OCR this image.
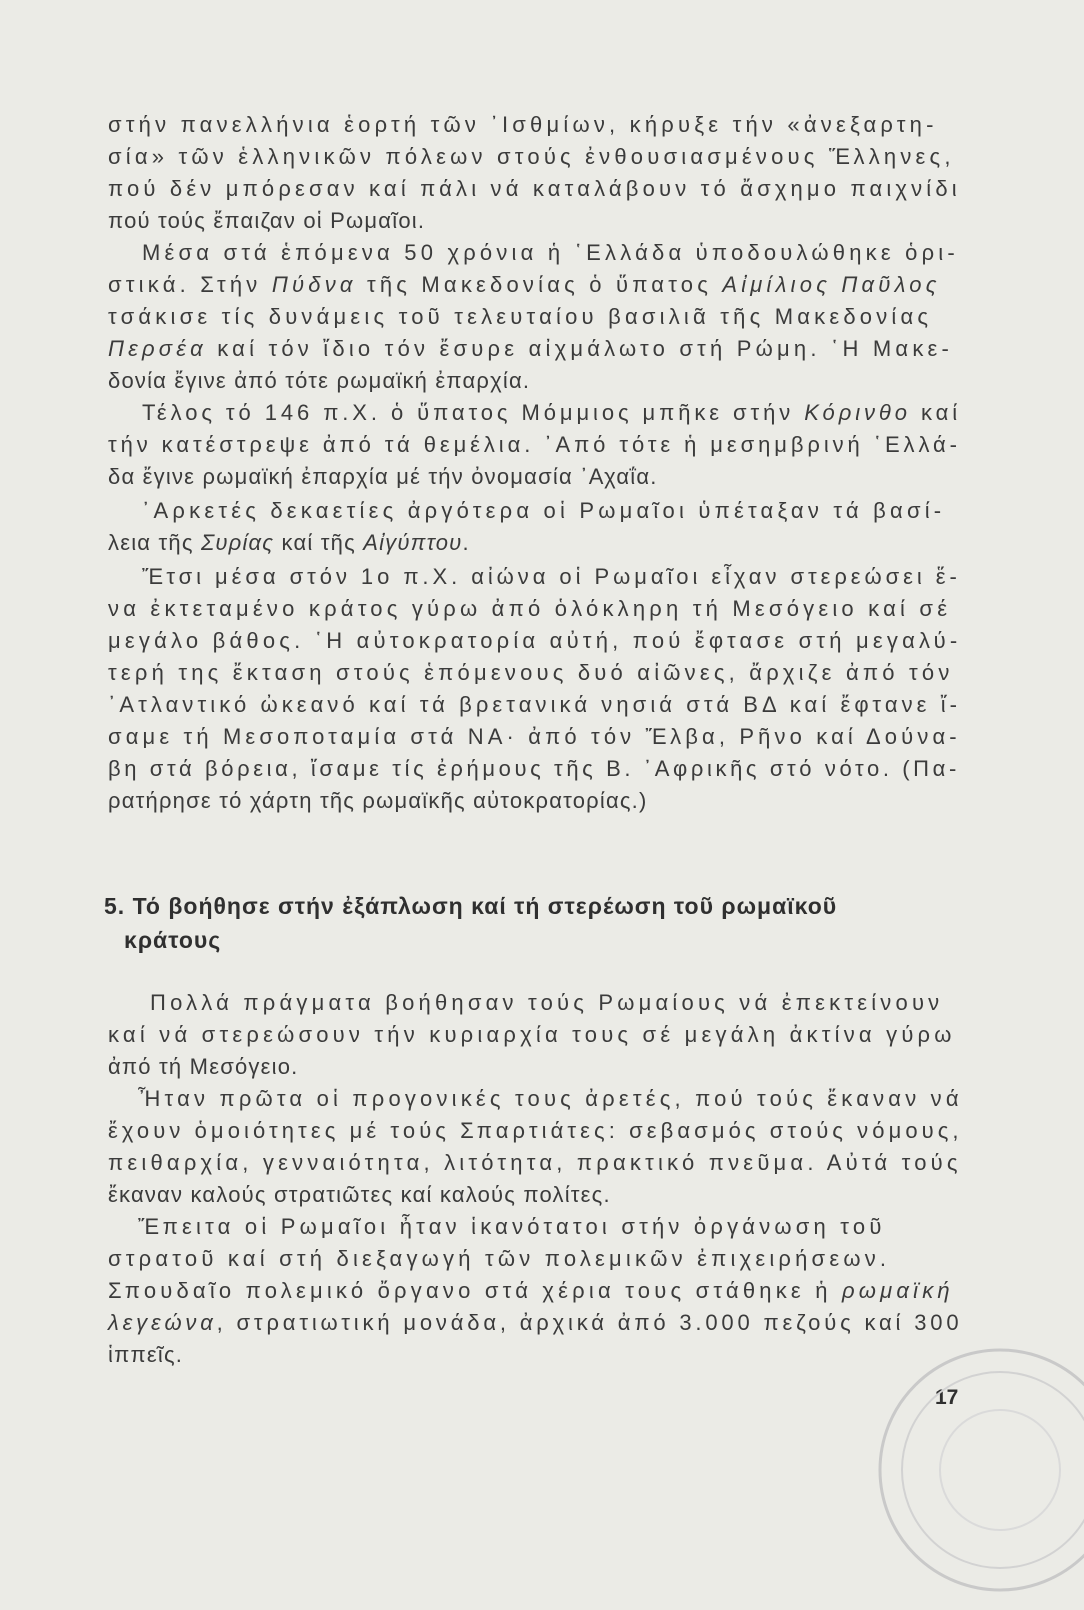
στήν πανελλήνια ἑορτή τῶν ᾿Ισθμίων, κήρυξε τήν «ἀνεξαρτη-
σία» τῶν ἑλληνικῶν πόλεων στούς ἐνθουσιασμένους Ἕλληνες,
πού δέν μπόρεσαν καί πάλι νά καταλάβουν τό ἄσχημο παιχνίδι
πού τούς ἔπαιζαν οἱ Ρωμαῖοι.
Μέσα στά ἑπόμενα 50 χρόνια ἡ ῾Ελλάδα ὑποδουλώθηκε ὁρι-
στικά. Στήν Πύδνα τῆς Μακεδονίας ὁ ὕπατος Αἰμίλιος Παῦλος
τσάκισε τίς δυνάμεις τοῦ τελευταίου βασιλιᾶ τῆς Μακεδονίας
Περσέα καί τόν ἴδιο τόν ἔσυρε αἰχμάλωτο στή Ρώμη. ῾Η Μακε-
δονία ἔγινε ἀπό τότε ρωμαϊκή ἐπαρχία.
Τέλος τό 146 π.Χ. ὁ ὕπατος Μόμμιος μπῆκε στήν Κόρινθο καί
τήν κατέστρεψε ἀπό τά θεμέλια. ᾿Από τότε ἡ μεσημβρινή ῾Ελλά-
δα ἔγινε ρωμαϊκή ἐπαρχία μέ τήν ὀνομασία ᾿Αχαΐα.
᾿Αρκετές δεκαετίες ἀργότερα οἱ Ρωμαῖοι ὑπέταξαν τά βασί-
λεια τῆς Συρίας καί τῆς Αἰγύπτου.
Ἔτσι μέσα στόν 1ο π.Χ. αἰώνα οἱ Ρωμαῖοι εἶχαν στερεώσει ἕ-
να ἐκτεταμένο κράτος γύρω ἀπό ὁλόκληρη τή Μεσόγειο καί σέ
μεγάλο βάθος. ῾Η αὐτοκρατορία αὐτή, πού ἔφτασε στή μεγαλύ-
τερή της ἔκταση στούς ἑπόμενους δυό αἰῶνες, ἄρχιζε ἀπό τόν
᾿Ατλαντικό ὠκεανό καί τά βρετανικά νησιά στά ΒΔ καί ἔφτανε ἴ-
σαμε τή Μεσοποταμία στά ΝΑ· ἀπό τόν Ἔλβα, Ρῆνο καί Δούνα-
βη στά βόρεια, ἴσαμε τίς ἐρήμους τῆς Β. ᾿Αφρικῆς στό νότο. (Πα-
ρατήρησε τό χάρτη τῆς ρωμαϊκῆς αὐτοκρατορίας.)
5. Τό βοήθησε στήν ἐξάπλωση καί τή στερέωση τοῦ ρωμαϊκοῦ
κράτους
Πολλά πράγματα βοήθησαν τούς Ρωμαίους νά ἐπεκτείνουν
καί νά στερεώσουν τήν κυριαρχία τους σέ μεγάλη ἀκτίνα γύρω
ἀπό τή Μεσόγειο.
Ἦταν πρῶτα οἱ προγονικές τους ἀρετές, πού τούς ἔκαναν νά
ἔχουν ὁμοιότητες μέ τούς Σπαρτιάτες: σεβασμός στούς νόμους,
πειθαρχία, γενναιότητα, λιτότητα, πρακτικό πνεῦμα. Αὐτά τούς
ἔκαναν καλούς στρατιῶτες καί καλούς πολίτες.
Ἔπειτα οἱ Ρωμαῖοι ἦταν ἱκανότατοι στήν ὀργάνωση τοῦ
στρατοῦ καί στή διεξαγωγή τῶν πολεμικῶν ἐπιχειρήσεων.
Σπουδαῖο πολεμικό ὄργανο στά χέρια τους στάθηκε ἡ ρωμαϊκή
λεγεώνα, στρατιωτική μονάδα, ἀρχικά ἀπό 3.000 πεζούς καί 300
ἱππεῖς.
17
